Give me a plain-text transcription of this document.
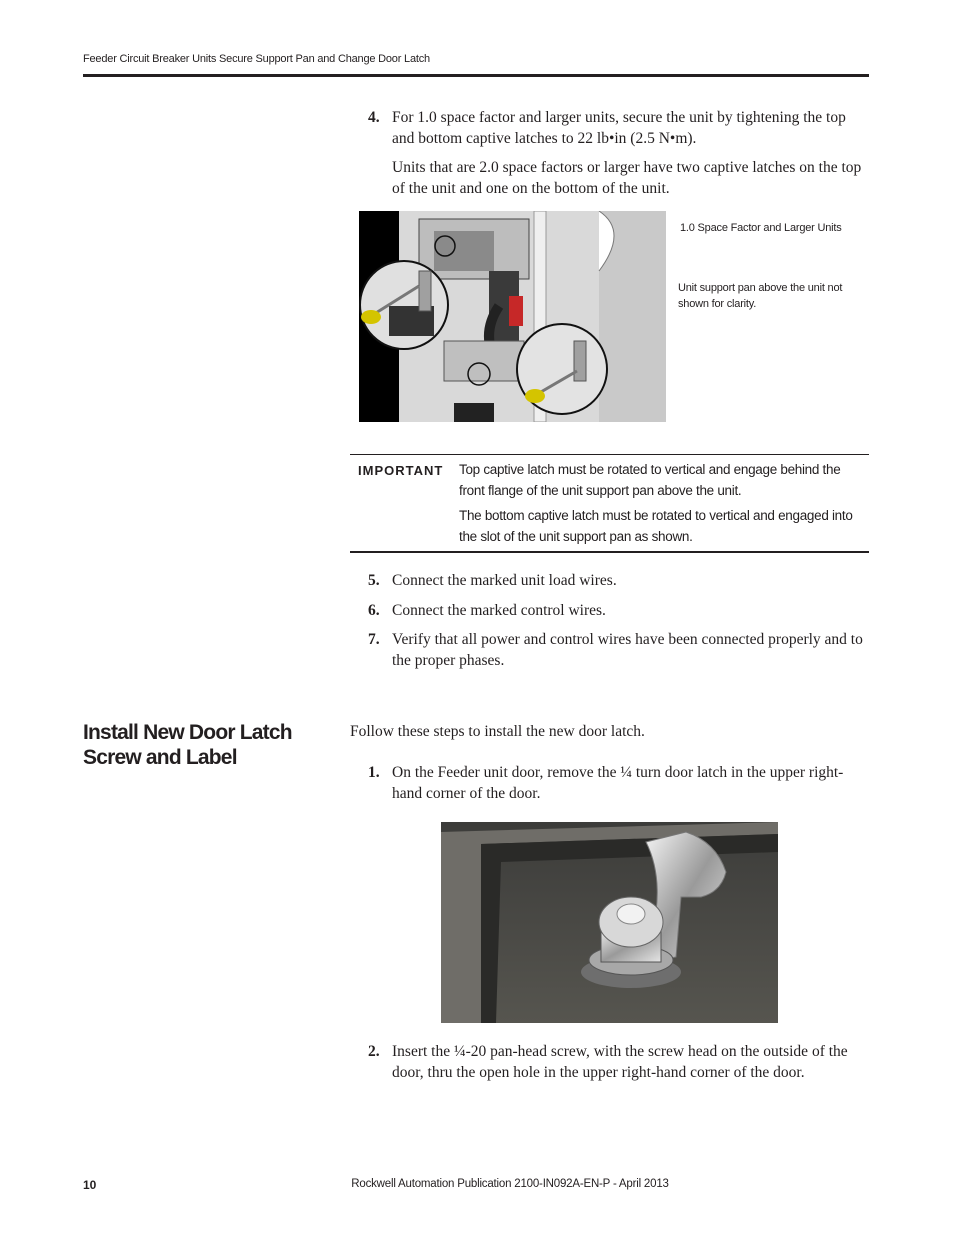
Feeder Circuit Breaker Units Secure Support Pan and Change Door Latch
4. For 1.0 space factor and larger units, secure the unit by tightening the top and bottom captive latches to 22 lb•in (2.5 N•m).
Units that are 2.0 space factors or larger have two captive latches on the top of the unit and one on the bottom of the unit.
1.0 Space Factor and Larger Units
Unit support pan above the unit not shown for clarity.
IMPORTANT Top captive latch must be rotated to vertical and engage behind the front flange of the unit support pan above the unit.
The bottom captive latch must be rotated to vertical and engaged into the slot of the unit support pan as shown.
5. Connect the marked unit load wires.
6. Connect the marked control wires.
7. Verify that all power and control wires have been connected properly and to the proper phases.
Install New Door Latch Screw and Label
Follow these steps to install the new door latch.
1. On the Feeder unit door, remove the ¼ turn door latch in the upper right-hand corner of the door.
2. Insert the ¼-20 pan-head screw, with the screw head on the outside of the door, thru the open hole in the upper right-hand corner of the door.
10	Rockwell Automation Publication 2100-IN092A-EN-P - April 2013
